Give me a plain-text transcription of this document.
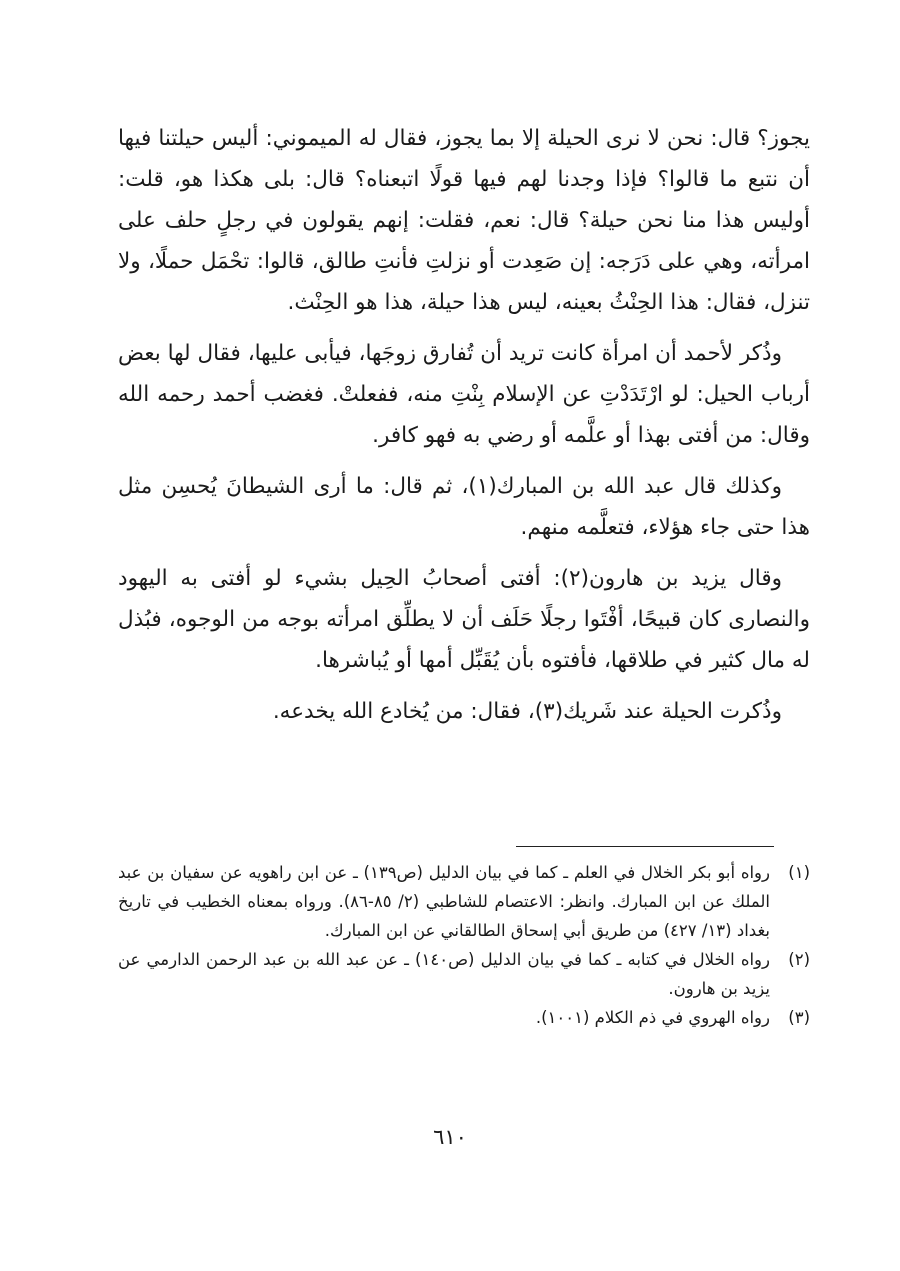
يجوز؟ قال: نحن لا نرى الحيلة إلا بما يجوز، فقال له الميموني: أليس حيلتنا فيها أن نتبع ما قالوا؟ فإذا وجدنا لهم فيها قولًا اتبعناه؟ قال: بلى هكذا هو، قلت: أوليس هذا منا نحن حيلة؟ قال: نعم، فقلت: إنهم يقولون في رجلٍ حلف على امرأته، وهي على دَرَجه: إن صَعِدت أو نزلتِ فأنتِ طالق، قالوا: تحْمَل حملًا، ولا تنزل، فقال: هذا الحِنْثُ بعينه، ليس هذا حيلة، هذا هو الحِنْث.

وذُكر لأحمد أن امرأة كانت تريد أن تُفارق زوجَها، فيأبى عليها، فقال لها بعض أرباب الحيل: لو ارْتَدَدْتِ عن الإسلام بِنْتِ منه، ففعلتْ. فغضب أحمد رحمه الله وقال: من أفتى بهذا أو علَّمه أو رضي به فهو كافر.

وكذلك قال عبد الله بن المبارك(١)، ثم قال: ما أرى الشيطانَ يُحسِن مثل هذا حتى جاء هؤلاء، فتعلَّمه منهم.

وقال يزيد بن هارون(٢): أفتى أصحابُ الحِيل بشيء لو أفتى به اليهود والنصارى كان قبيحًا، أفْتَوا رجلًا حَلَف أن لا يطلِّق امرأته بوجه من الوجوه، فبُذل له مال كثير في طلاقها، فأفتوه بأن يُقَبِّل أمها أو يُباشرها.

وذُكرت الحيلة عند شَريك(٣)، فقال: من يُخادع الله يخدعه.

(١)
رواه أبو بكر الخلال في العلم ـ كما في بيان الدليل (ص١٣٩) ـ عن ابن راهويه عن سفيان بن عبد الملك عن ابن المبارك. وانظر: الاعتصام للشاطبي (٢/ ٨٥-٨٦). ورواه بمعناه الخطيب في تاريخ بغداد (١٣/ ٤٢٧) من طريق أبي إسحاق الطالقاني عن ابن المبارك.
(٢)
رواه الخلال في كتابه ـ كما في بيان الدليل (ص١٤٠) ـ عن عبد الله بن عبد الرحمن الدارمي عن يزيد بن هارون.
(٣)
رواه الهروي في ذم الكلام (١٠٠١).
٦١٠
